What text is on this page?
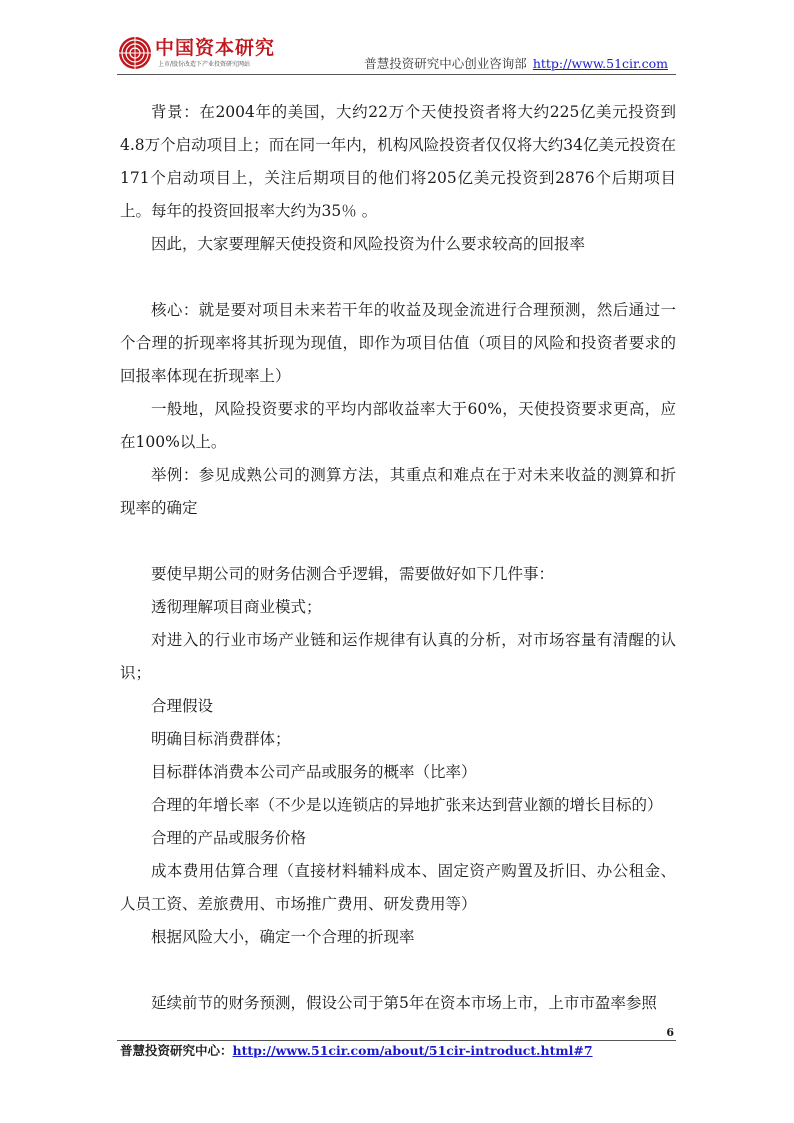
中国资本研究
上市/股份改造下产业投资研究网站	普慧投资研究中心创业咨询部 http://www.51cir.com

背景：在2004年的美国，大约22万个天使投资者将大约225亿美元投资到4.8万个启动项目上；而在同一年内，机构风险投资者仅仅将大约34亿美元投资在171个启动项目上，关注后期项目的他们将205亿美元投资到2876个后期项目上。每年的投资回报率大约为35％ 。

因此，大家要理解天使投资和风险投资为什么要求较高的回报率

核心：就是要对项目未来若干年的收益及现金流进行合理预测，然后通过一个合理的折现率将其折现为现值，即作为项目估值（项目的风险和投资者要求的回报率体现在折现率上）

一般地，风险投资要求的平均内部收益率大于60%，天使投资要求更高，应在100%以上。

举例：参见成熟公司的测算方法，其重点和难点在于对未来收益的测算和折现率的确定

要使早期公司的财务估测合乎逻辑，需要做好如下几件事：

透彻理解项目商业模式；

对进入的行业市场产业链和运作规律有认真的分析，对市场容量有清醒的认识；

合理假设

明确目标消费群体；

目标群体消费本公司产品或服务的概率（比率）

合理的年增长率（不少是以连锁店的异地扩张来达到营业额的增长目标的）

合理的产品或服务价格

成本费用估算合理（直接材料辅料成本、固定资产购置及折旧、办公租金、人员工资、差旅费用、市场推广费用、研发费用等）

根据风险大小，确定一个合理的折现率

延续前节的财务预测，假设公司于第5年在资本市场上市，上市市盈率参照

6
普慧投资研究中心：http://www.51cir.com/about/51cir-introduct.html#7
